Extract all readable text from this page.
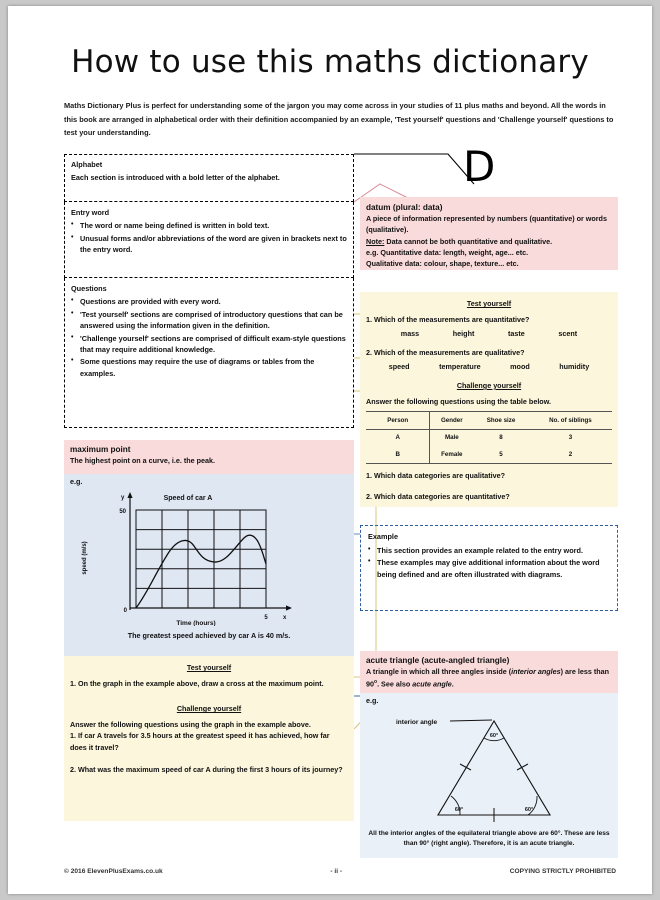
How to use this maths dictionary
Maths Dictionary Plus is perfect for understanding some of the jargon you may come across in your studies of 11 plus maths and beyond. All the words in this book are arranged in alphabetical order with their definition accompanied by an example, 'Test yourself' questions and 'Challenge yourself' questions to test your understanding.
D
Alphabet
Each section is introduced with a bold letter of the alphabet.
Entry word
• The word or name being defined is written in bold text.
• Unusual forms and/or abbreviations of the word are given in brackets next to the entry word.
Questions
• Questions are provided with every word.
• 'Test yourself' sections are comprised of introductory questions that can be answered using the information given in the definition.
• 'Challenge yourself' sections are comprised of difficult exam-style questions that may require additional knowledge.
• Some questions may require the use of diagrams or tables from the examples.
datum (plural: data)
A piece of information represented by numbers (quantitative) or words (qualitative).
Note: Data cannot be both quantitative and qualitative.
e.g. Quantitative data: length, weight, age... etc.
Qualitative data: colour, shape, texture... etc.
Test yourself
1. Which of the measurements are quantitative?
mass	height	taste	scent
2. Which of the measurements are qualitative?
speed	temperature	mood	humidity
Challenge yourself
Answer the following questions using the table below.
Person	Gender	Shoe size	No. of siblings
A	Male	8	3
B	Female	5	2
1. Which data categories are qualitative?
2. Which data categories are quantitative?
maximum point
The highest point on a curve, i.e. the peak.
e.g.
Speed of car A
y
speed (m/s)
50
0
x
5
Time (hours)
The greatest speed achieved by car A is 40 m/s.
Test yourself
1. On the graph in the example above, draw a cross at the maximum point.
Challenge yourself
Answer the following questions using the graph in the example above.
1. If car A travels for 3.5 hours at the greatest speed it has achieved, how far does it travel?
2. What was the maximum speed of car A during the first 3 hours of its journey?
Example
• This section provides an example related to the entry word.
• These examples may give additional information about the word being defined and are often illustrated with diagrams.
acute triangle (acute-angled triangle)
A triangle in which all three angles inside (interior angles) are less than 90$^o$. See also acute angle.
e.g.
interior angle
60°
60°	60°
All the interior angles of the equilateral triangle above are 60°. These are less than 90° (right angle). Therefore, it is an acute triangle.
© 2016 ElevenPlusExams.co.uk	- ii -	COPYING STRICTLY PROHIBITED
